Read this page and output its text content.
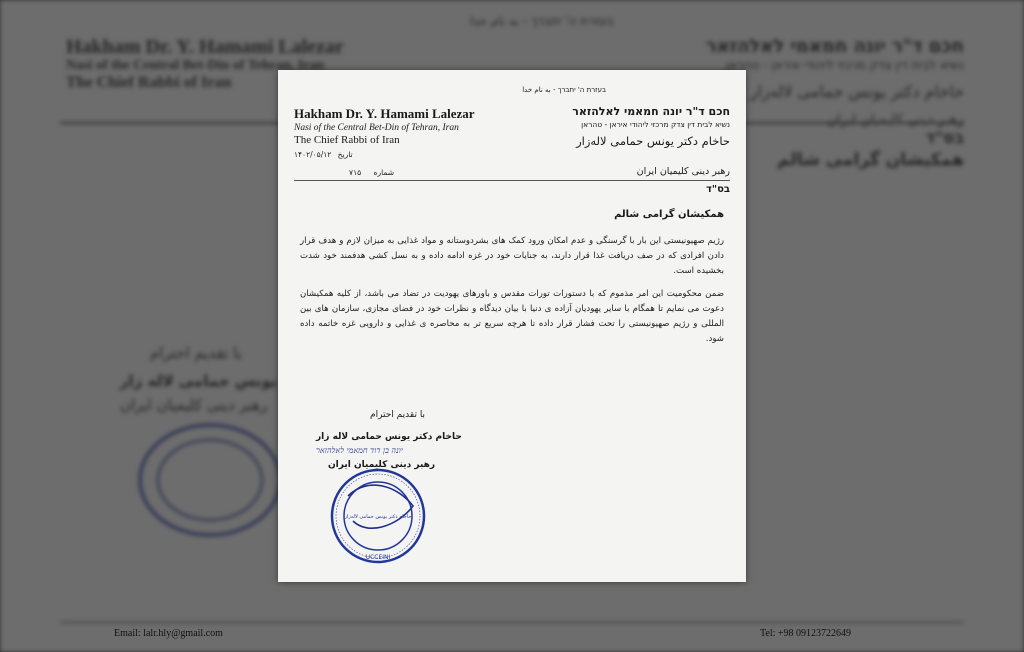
Email: lalr.hly@gmail.com	Tel: +98 09123722649
בעזרת ה' יתברך - به نام خدا
Hakham Dr. Y. Hamami Lalezar
Nasi of the Central Bet-Din of Tehran, Iran
The Chief Rabbi of Iran
חכם ד"ר יונה חמאמי לאלהזאר
נשיא לבית דין צדק מרכזי ליהודי איראן - טהראן
حاخام دکتر یونس حمامی لاله‌زار
تاریخ ۱۴۰۲/۰۵/۱۲
شماره ۷۱۵	رهبر دینی کلیمیان ایران
בס"ד
همکیشان گرامی شالم

رژیم صهیونیستی این بار با گرسنگی و عدم امکان ورود کمک های بشردوستانه و مواد غذایی به میزان لازم و هدف قرار دادن افرادی که در صف دریافت غذا قرار دارند، به جنایات خود در غزه ادامه داده و به نسل کشی هدفمند خود شدت بخشیده است.

ضمن محکومیت این امر مذموم که با دستورات تورات مقدس و باورهای یهودیت در تضاد می باشد، از کلیه همکیشان دعوت می نمایم تا همگام با سایر یهودیان آزاده ی دنیا با بیان دیدگاه و نظرات خود در فضای مجازی، سازمان های بین المللی و رژیم صهیونیستی را تحت فشار قرار داده تا هرچه سریع تر به محاصره ی غذایی و دارویی غزه خاتمه داده شود.

با تقدیم احترام
حاخام دکتر یونس حمامی لاله زار
יונה בן דוד חמאמי לאלהזאר
رهبر دینی کلیمیان ایران
UCCEINI
حاخام دکتر یونس حمامی لاله‌زار
